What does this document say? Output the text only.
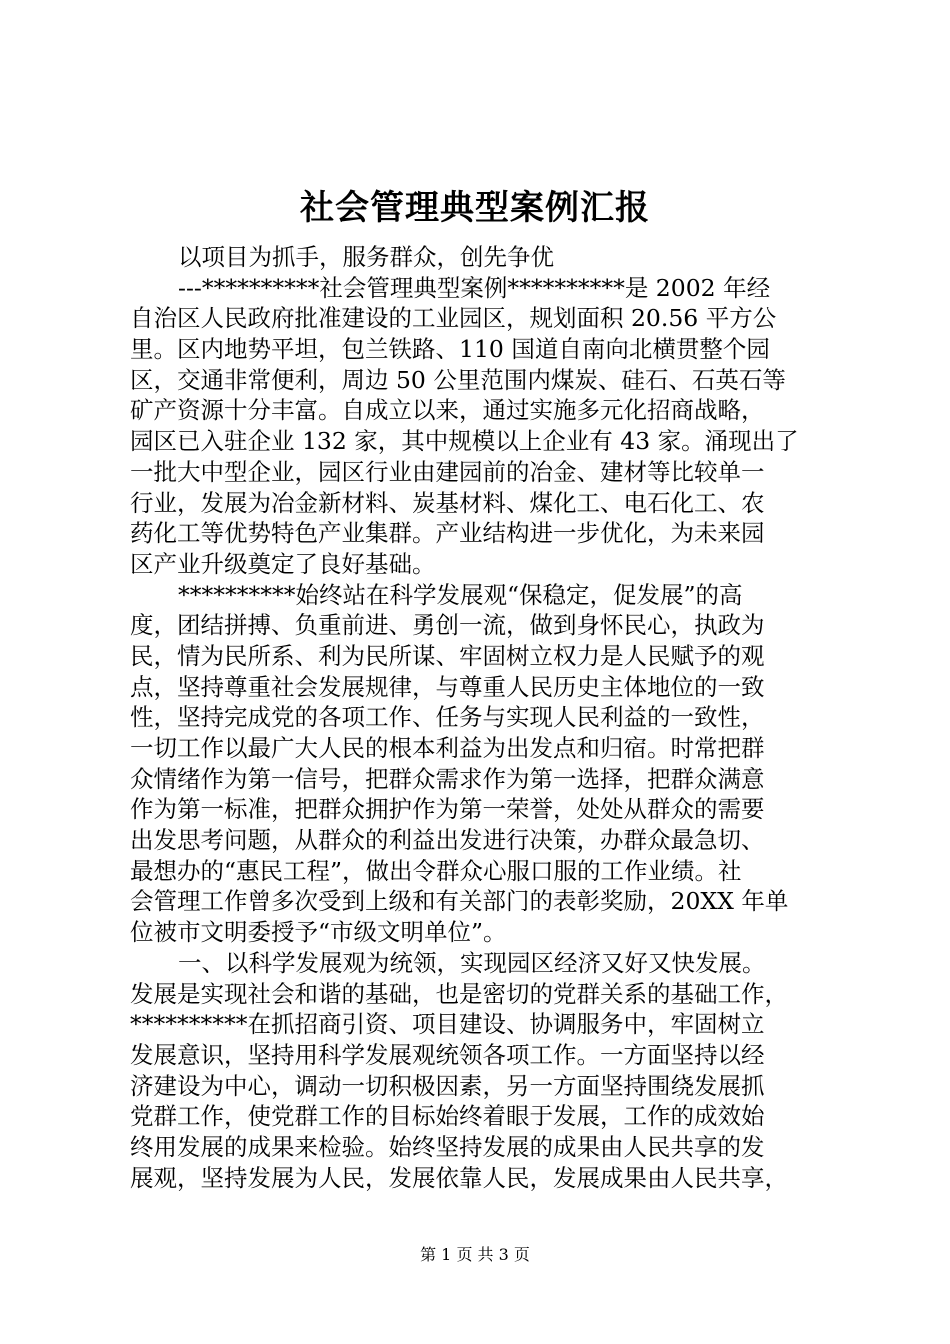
社会管理典型案例汇报
以项目为抓手，服务群众，创先争优
---**********社会管理典型案例**********是 2002 年经
自治区人民政府批准建设的工业园区，规划面积 20.56 平方公
里。区内地势平坦，包兰铁路、110 国道自南向北横贯整个园
区，交通非常便利，周边 50 公里范围内煤炭、硅石、石英石等
矿产资源十分丰富。自成立以来，通过实施多元化招商战略，
园区已入驻企业 132 家，其中规模以上企业有 43 家。涌现出了
一批大中型企业，园区行业由建园前的冶金、建材等比较单一
行业，发展为冶金新材料、炭基材料、煤化工、电石化工、农
药化工等优势特色产业集群。产业结构进一步优化，为未来园
区产业升级奠定了良好基础。
**********始终站在科学发展观“保稳定，促发展”的高
度，团结拼搏、负重前进、勇创一流，做到身怀民心，执政为
民，情为民所系、利为民所谋、牢固树立权力是人民赋予的观
点，坚持尊重社会发展规律，与尊重人民历史主体地位的一致
性，坚持完成党的各项工作、任务与实现人民利益的一致性，
一切工作以最广大人民的根本利益为出发点和归宿。时常把群
众情绪作为第一信号，把群众需求作为第一选择，把群众满意
作为第一标准，把群众拥护作为第一荣誉，处处从群众的需要
出发思考问题，从群众的利益出发进行决策，办群众最急切、
最想办的“惠民工程”，做出令群众心服口服的工作业绩。社
会管理工作曾多次受到上级和有关部门的表彰奖励，20XX 年单
位被市文明委授予“市级文明单位”。
一、以科学发展观为统领，实现园区经济又好又快发展。
发展是实现社会和谐的基础，也是密切的党群关系的基础工作，
**********在抓招商引资、项目建设、协调服务中，牢固树立
发展意识，坚持用科学发展观统领各项工作。一方面坚持以经
济建设为中心，调动一切积极因素，另一方面坚持围绕发展抓
党群工作，使党群工作的目标始终着眼于发展，工作的成效始
终用发展的成果来检验。始终坚持发展的成果由人民共享的发
展观，坚持发展为人民，发展依靠人民，发展成果由人民共享，
第 1 页 共 3 页
